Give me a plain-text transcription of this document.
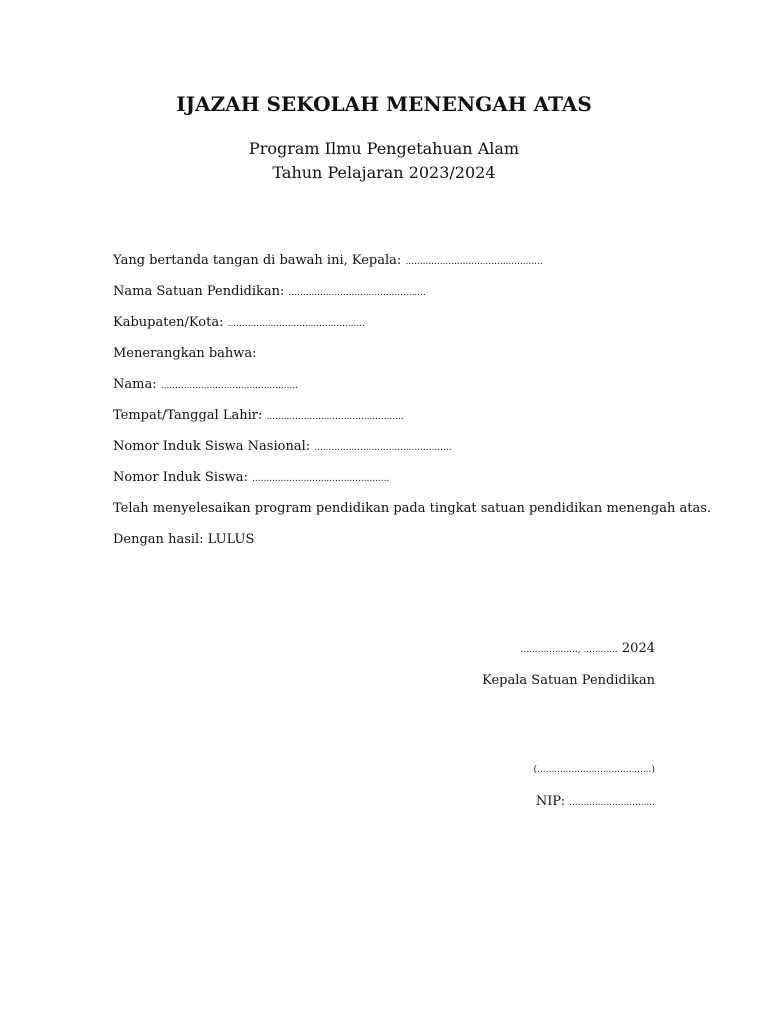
IJAZAH SEKOLAH MENENGAH ATAS

Program Ilmu Pengetahuan Alam

Tahun Pelajaran 2023/2024

Yang bertanda tangan di bawah ini, Kepala: ................................................
Nama Satuan Pendidikan: ................................................
Kabupaten/Kota: ................................................
Menerangkan bahwa:
Nama: ................................................
Tempat/Tanggal Lahir: ................................................
Nomor Induk Siswa Nasional: ................................................
Nomor Induk Siswa: ................................................
Telah menyelesaikan program pendidikan pada tingkat satuan pendidikan menengah atas.
Dengan hasil: LULUS

...................., ............ 2024

Kepala Satuan Pendidikan

(........................................)

NIP: ..............................
